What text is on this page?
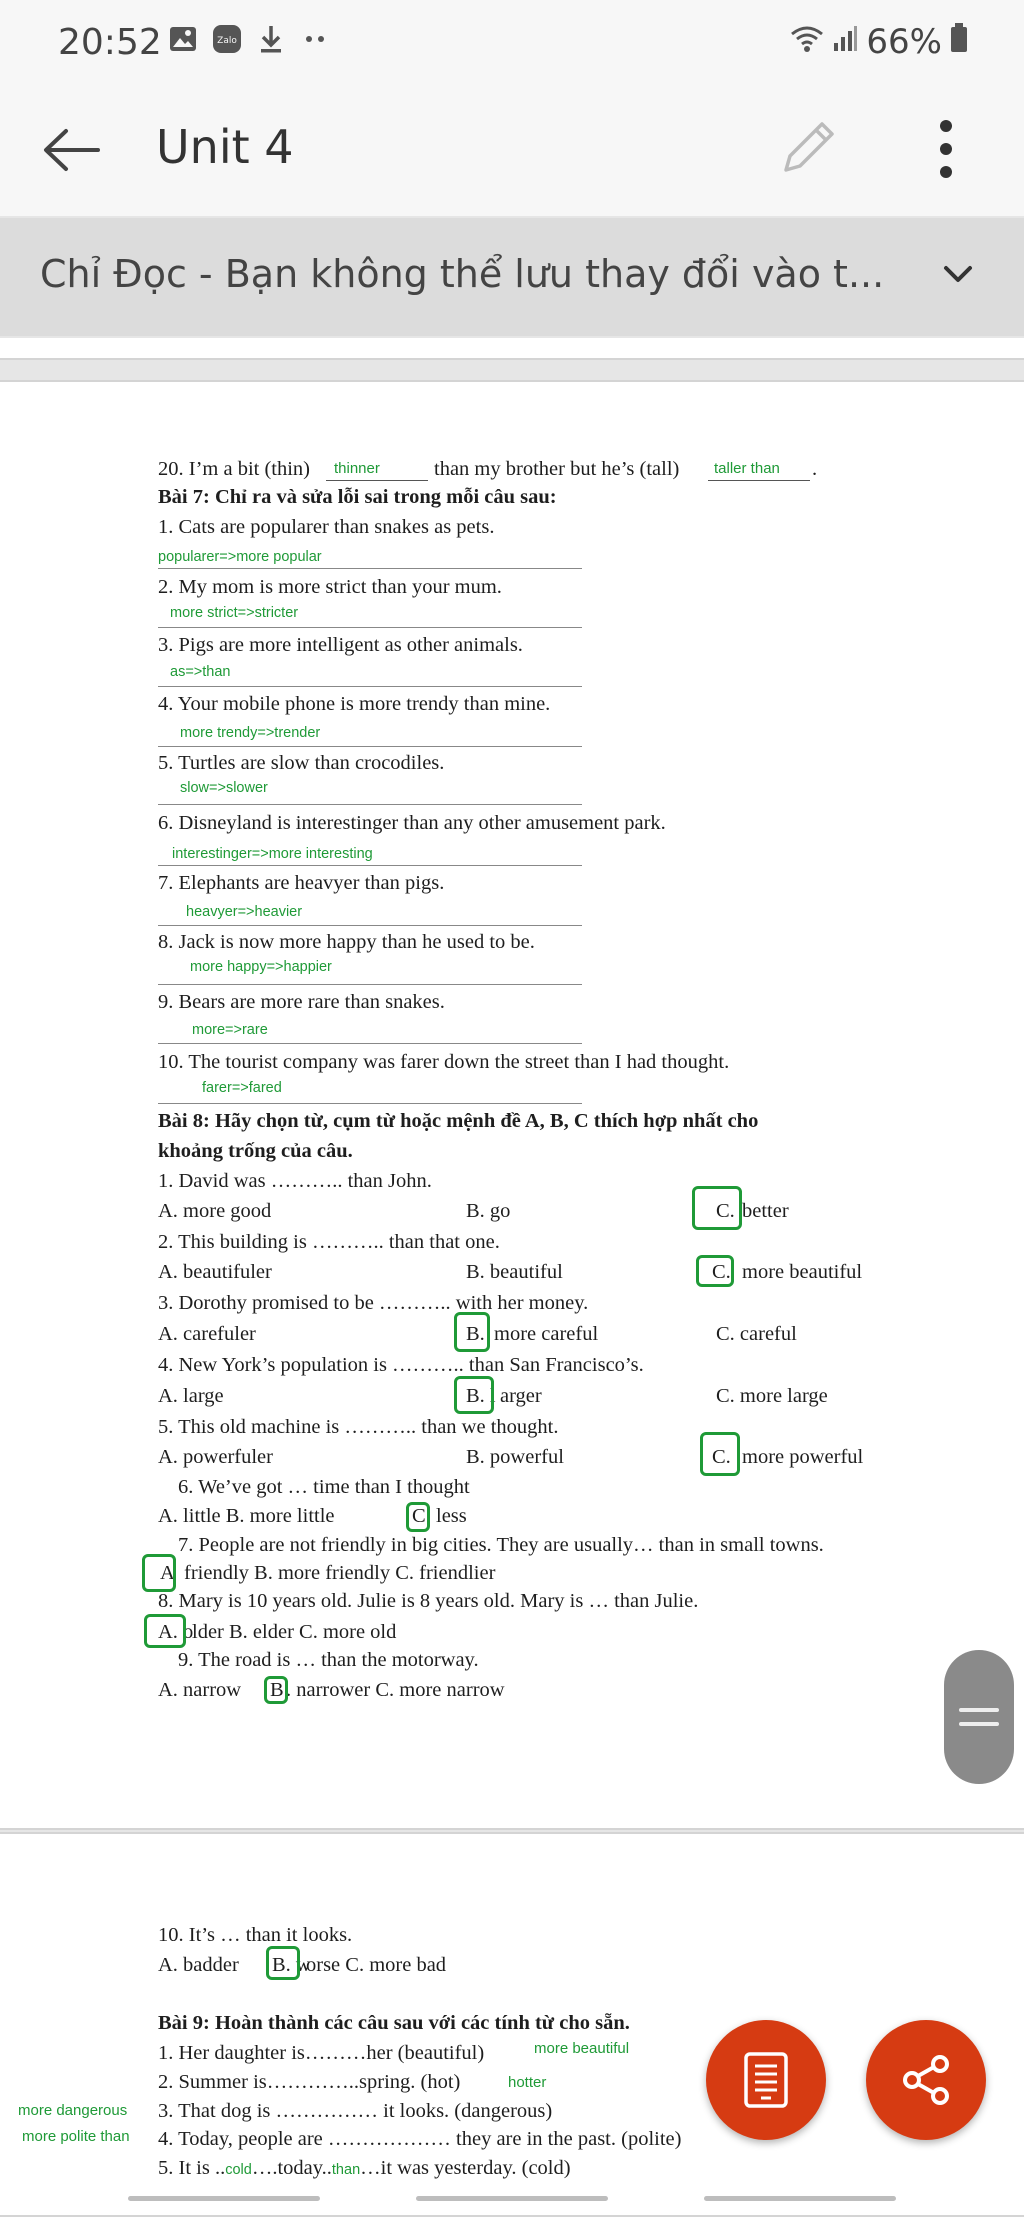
20:52	Zalo	66%
Unit 4
Chỉ Đọc - Bạn không thể lưu thay đổi vào t...
20. I’m a bit (thin) thinner	than my brother but he’s (tall) taller than .
Bài 7: Chỉ ra và sửa lỗi sai trong mỗi câu sau:
1. Cats are popularer than snakes as pets.
popularer=>more popular
2. My mom is more strict than your mum.
more strict=>stricter
3. Pigs are more intelligent as other animals.
as=>than
4. Your mobile phone is more trendy than mine.
more trendy=>trender
5. Turtles are slow than crocodiles.
slow=>slower
6. Disneyland is interestinger than any other amusement park.
interestinger=>more interesting
7. Elephants are heavyer than pigs.
heavyer=>heavier
8. Jack is now more happy than he used to be.
more happy=>happier
9. Bears are more rare than snakes.
more=>rare
10. The tourist company was farer down the street than I had thought.
farer=>fared
Bài 8: Hãy chọn từ, cụm từ hoặc mệnh đề A, B, C thích hợp nhất cho
khoảng trống của câu.
1. David was ……….. than John.
A. more good	B. go	C. better
2. This building is ……….. than that one.
A. beautifuler	B. beautiful	C. more beautiful
3. Dorothy promised to be ……….. with her money.
A. carefuler	B. more careful	C. careful
4. New York’s population is ……….. than San Francisco’s.
A. large	B. l arger	C. more large
5. This old machine is ……….. than we thought.
A. powerfuler	B. powerful	C. more powerful
6. We’ve got … time than I thought
A. little B. more little	C less
7. People are not friendly in big cities. They are usually… than in small towns.
A friendly B. more friendly C. friendlier
8. Mary is 10 years old. Julie is 8 years old. Mary is … than Julie.
A. o
lder B. elder C. more old
9. The road is … than the motorway.
A. narrow B . narrower C. more narrow
10. It’s … than it looks.
A. badder B. w
orse C. more bad
Bài 9: Hoàn thành các câu sau với các tính từ cho sẵn.
1. Her daughter is………her (beautiful)	more beautiful
2. Summer is…………..spring. (hot)	hotter
3. That dog is …………… it looks. (dangerous)
more dangerous
4. Today, people are ……………… they are in the past. (polite)
more polite than
5. It is ..cold….today..than…it was yesterday. (cold)
